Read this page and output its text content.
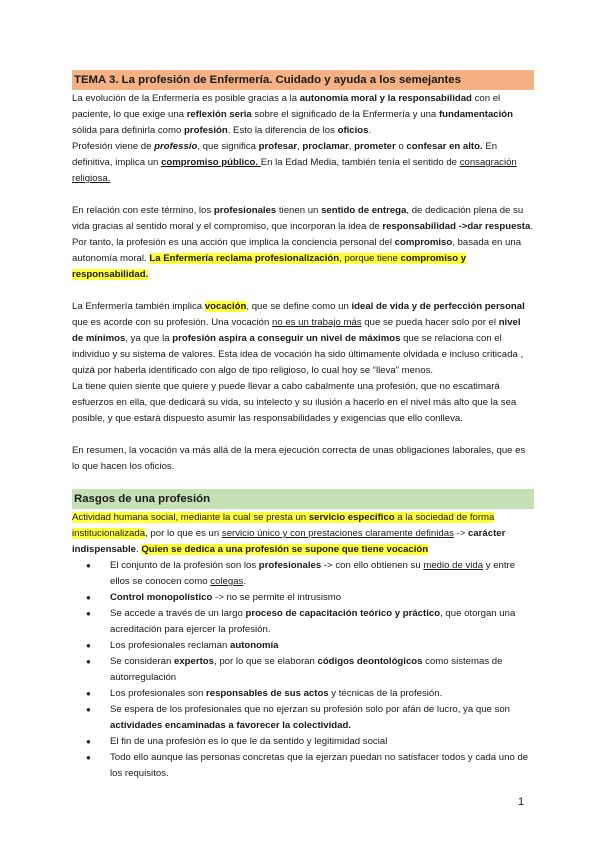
TEMA 3. La profesión de Enfermería. Cuidado y ayuda a los semejantes

La evolución de la Enfermería es posible gracias a la autonomía moral y la responsabilidad con el paciente, lo que exige una reflexión seria sobre el significado de la Enfermería y una fundamentación sólida para definirla como profesión. Esto la diferencia de los oficios.

Profesión viene de professio, que significa profesar, proclamar, prometer o confesar en alto. En definitiva, implica un compromiso público. En la Edad Media, también tenía el sentido de consagración religiosa.

En relación con este término, los profesionales tienen un sentido de entrega, de dedicación plena de su vida gracias al sentido moral y el compromiso, que incorporan la idea de responsabilidad ->dar respuesta. Por tanto, la profesión es una acción que implica la conciencia personal del compromiso, basada en una autonomía moral. La Enfermería reclama profesionalización, porque tiene compromiso y responsabilidad.

La Enfermería también implica vocación, que se define como un ideal de vida y de perfección personal que es acorde con su profesión. Una vocación no es un trabajo más que se pueda hacer solo por el nivel de mínimos, ya que la profesión aspira a conseguir un nivel de máximos que se relaciona con el individuo y su sistema de valores. Esta idea de vocación ha sido últimamente olvidada e incluso criticada , quizá por haberla identificado con algo de tipo religioso, lo cual hoy se “lleva” menos.

La tiene quien siente que quiere y puede llevar a cabo cabalmente una profesión, que no escatimará esfuerzos en ella, que dedicará su vida, su intelecto y su ilusión a hacerlo en el nivel más alto que la sea posible, y que estará dispuesto asumir las responsabilidades y exigencias que ello conlleva.

En resumen, la vocación va más allá de la mera ejecución correcta de unas obligaciones laborales, que es lo que hacen los oficios.

Rasgos de una profesión

Actividad humana social, mediante la cual se presta un servicio específico a la sociedad de forma institucionalizada, por lo que es un servicio único y con prestaciones claramente definidas -> carácter indispensable. Quien se dedica a una profesión se supone que tiene vocación

● El conjunto de la profesión son los profesionales -> con ello obtienen su medio de vida y entre ellos se conocen como colegas.
● Control monopolístico -> no se permite el intrusismo
● Se accede a través de un largo proceso de capacitación teórico y práctico, que otorgan una acreditación para ejercer la profesión.
● Los profesionales reclaman autonomía
● Se consideran expertos, por lo que se elaboran códigos deontológicos como sistemas de autorregulación
● Los profesionales son responsables de sus actos y técnicas de la profesión.
● Se espera de los profesionales que no ejerzan su profesión solo por afán de lucro, ya que son actividades encaminadas a favorecer la colectividad.
● El fin de una profesión es lo que le da sentido y legitimidad social
● Todo ello aunque las personas concretas que la ejerzan puedan no satisfacer todos y cada uno de los requisitos.
1
